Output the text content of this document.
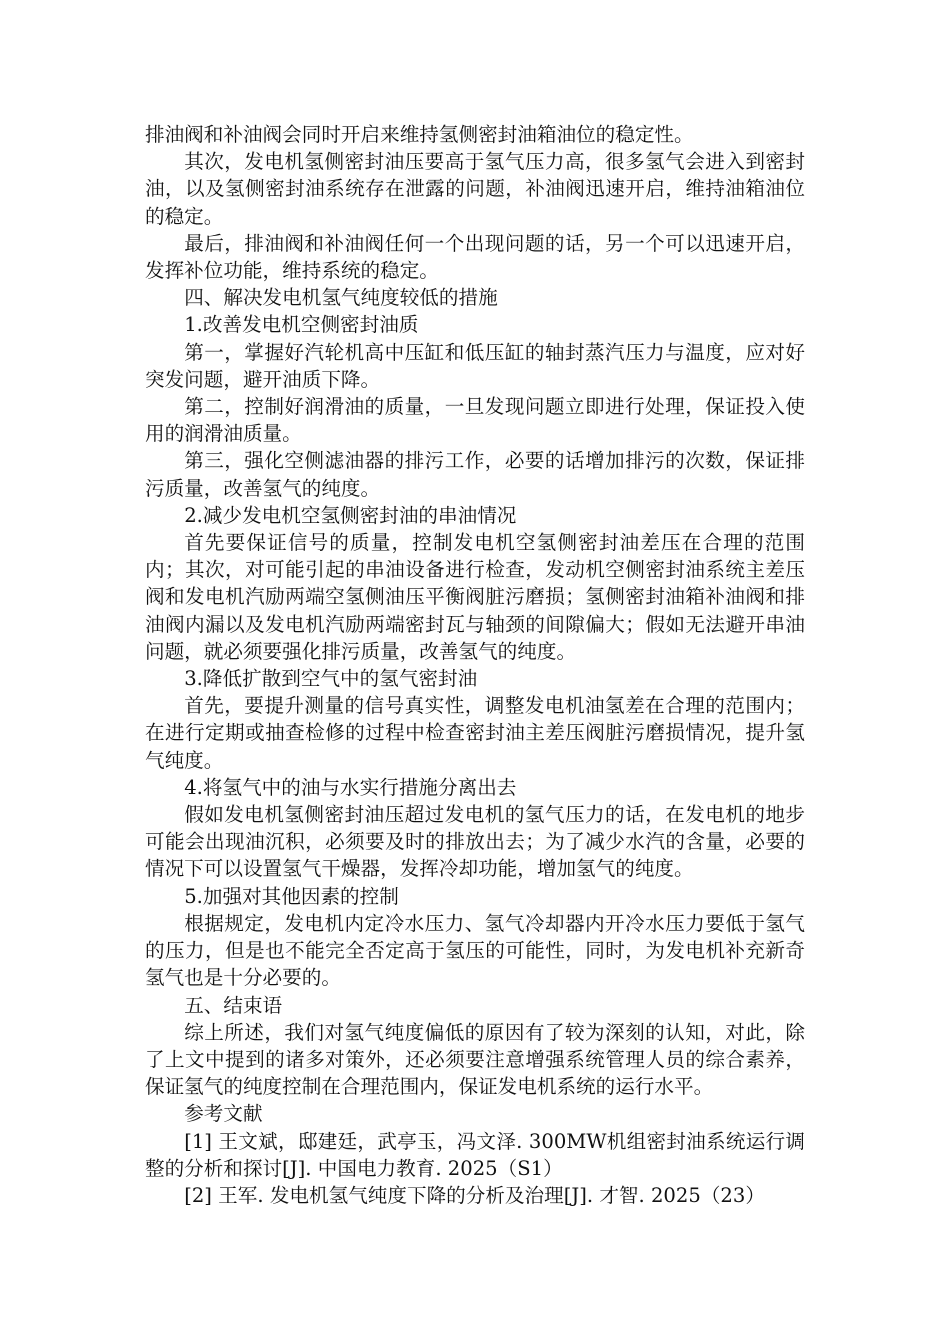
排油阀和补油阀会同时开启来维持氢侧密封油箱油位的稳定性。

其次，发电机氢侧密封油压要高于氢气压力高，很多氢气会进入到密封油，以及氢侧密封油系统存在泄露的问题，补油阀迅速开启，维持油箱油位的稳定。

最后，排油阀和补油阀任何一个出现问题的话，另一个可以迅速开启，发挥补位功能，维持系统的稳定。

四、解决发电机氢气纯度较低的措施

1.改善发电机空侧密封油质

第一，掌握好汽轮机高中压缸和低压缸的轴封蒸汽压力与温度，应对好突发问题，避开油质下降。

第二，控制好润滑油的质量，一旦发现问题立即进行处理，保证投入使用的润滑油质量。

第三，强化空侧滤油器的排污工作，必要的话增加排污的次数，保证排污质量，改善氢气的纯度。

2.减少发电机空氢侧密封油的串油情况

首先要保证信号的质量，控制发电机空氢侧密封油差压在合理的范围内；其次，对可能引起的串油设备进行检查，发动机空侧密封油系统主差压阀和发电机汽励两端空氢侧油压平衡阀脏污磨损；氢侧密封油箱补油阀和排油阀内漏以及发电机汽励两端密封瓦与轴颈的间隙偏大；假如无法避开串油问题，就必须要强化排污质量，改善氢气的纯度。

3.降低扩散到空气中的氢气密封油

首先，要提升测量的信号真实性，调整发电机油氢差在合理的范围内；在进行定期或抽查检修的过程中检查密封油主差压阀脏污磨损情况，提升氢气纯度。

4.将氢气中的油与水实行措施分离出去

假如发电机氢侧密封油压超过发电机的氢气压力的话，在发电机的地步可能会出现油沉积，必须要及时的排放出去；为了减少水汽的含量，必要的情况下可以设置氢气干燥器，发挥冷却功能，增加氢气的纯度。

5.加强对其他因素的控制

根据规定，发电机内定冷水压力、氢气冷却器内开冷水压力要低于氢气的压力，但是也不能完全否定高于氢压的可能性，同时，为发电机补充新奇氢气也是十分必要的。

五、结束语

综上所述，我们对氢气纯度偏低的原因有了较为深刻的认知，对此，除了上文中提到的诸多对策外，还必须要注意增强系统管理人员的综合素养，保证氢气的纯度控制在合理范围内，保证发电机系统的运行水平。

参考文献

[1] 王文斌，邸建廷，武亭玉，冯文泽. 300MW机组密封油系统运行调整的分析和探讨[J]. 中国电力教育. 2025（S1）

[2] 王军. 发电机氢气纯度下降的分析及治理[J]. 才智. 2025（23）
